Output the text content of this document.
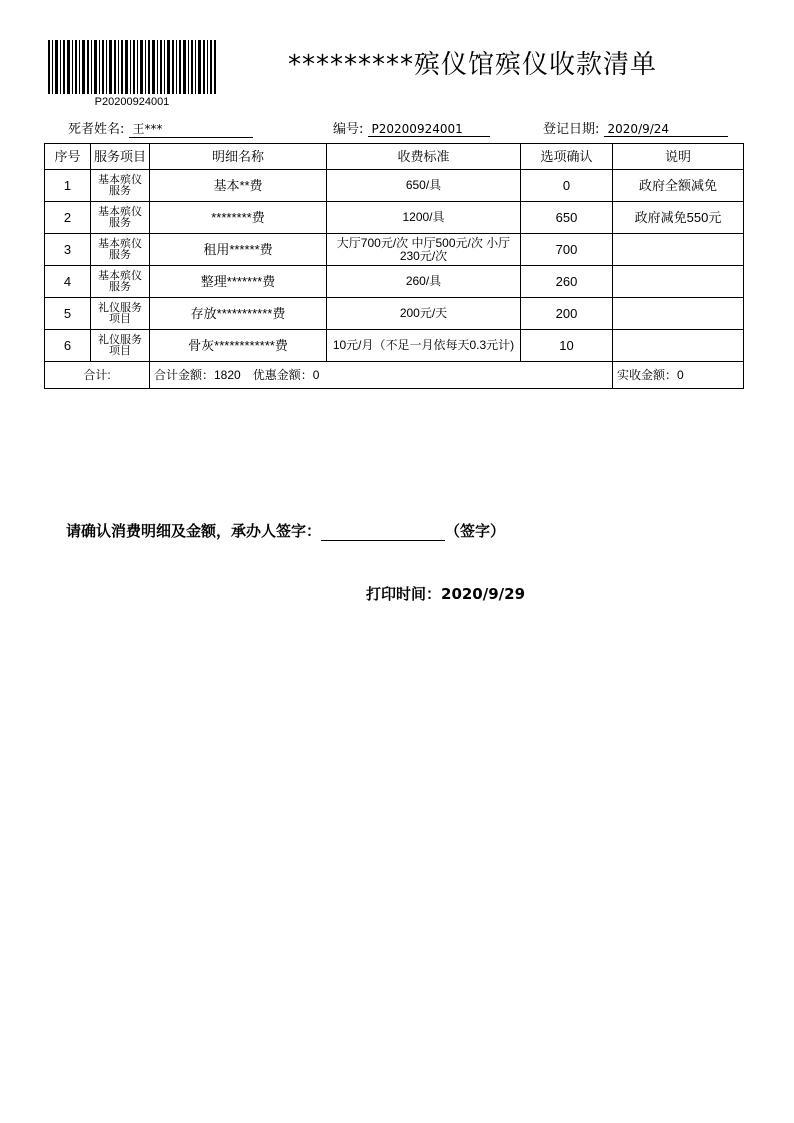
P20200924001
*********殡仪馆殡仪收款清单
死者姓名: 王***	编号: P20200924001	登记日期: 2020/9/24
序号	服务项目	明细名称	收费标准	选项确认	说明
1	基本殡仪服务	基本**费	650/具	0	政府全额减免
2	基本殡仪服务	********费	1200/具	650	政府减免550元
3	基本殡仪服务	租用******费	大厅700元/次 中厅500元/次 小厅230元/次	700	
4	基本殡仪服务	整理*******费	260/具	260	
5	礼仪服务项目	存放***********费	200元/天	200	
6	礼仪服务项目	骨灰************费	10元/月（不足一月依每天0.3元计)	10	
合计:		合计金额：1820　优惠金额：0			实收金额：0
请确认消费明细及金额，承办人签字：	（签字）
打印时间：2020/9/29
